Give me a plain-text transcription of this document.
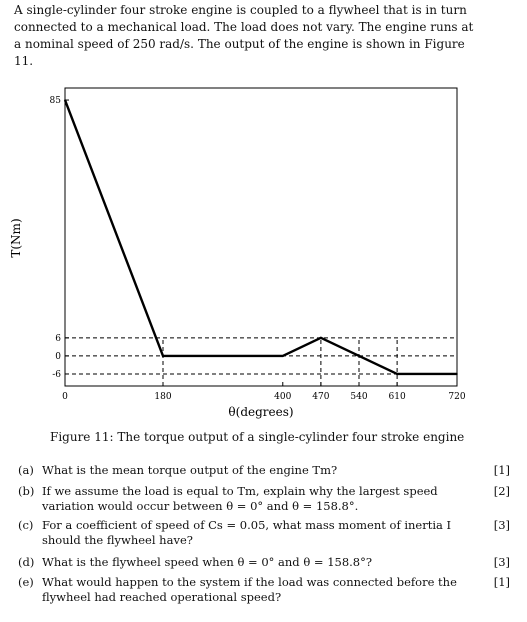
A single-cylinder four stroke engine is coupled to a flywheel that is in turn connected to a mechanical load. The load does not vary. The engine runs at a nominal speed of 250 rad/s. The output of the engine is shown in Figure 11.

0	180	400 470 540 610	720
-6
0
6
85
T(Nm)
θ(degrees)

Figure 11: The torque output of a single-cylinder four stroke engine

(a) What is the mean torque output of the engine Tm?	[1]
(b) If we assume the load is equal to Tm, explain why the largest speed variation would occur between θ = 0° and θ = 158.8°.
[2]
(c) For a coefficient of speed of Cs = 0.05, what mass moment of inertia I should the flywheel have?
[3]
(d) What is the flywheel speed when θ = 0° and θ = 158.8°?	[3]
(e) What would happen to the system if the load was connected before the flywheel had reached operational speed?
[1]
